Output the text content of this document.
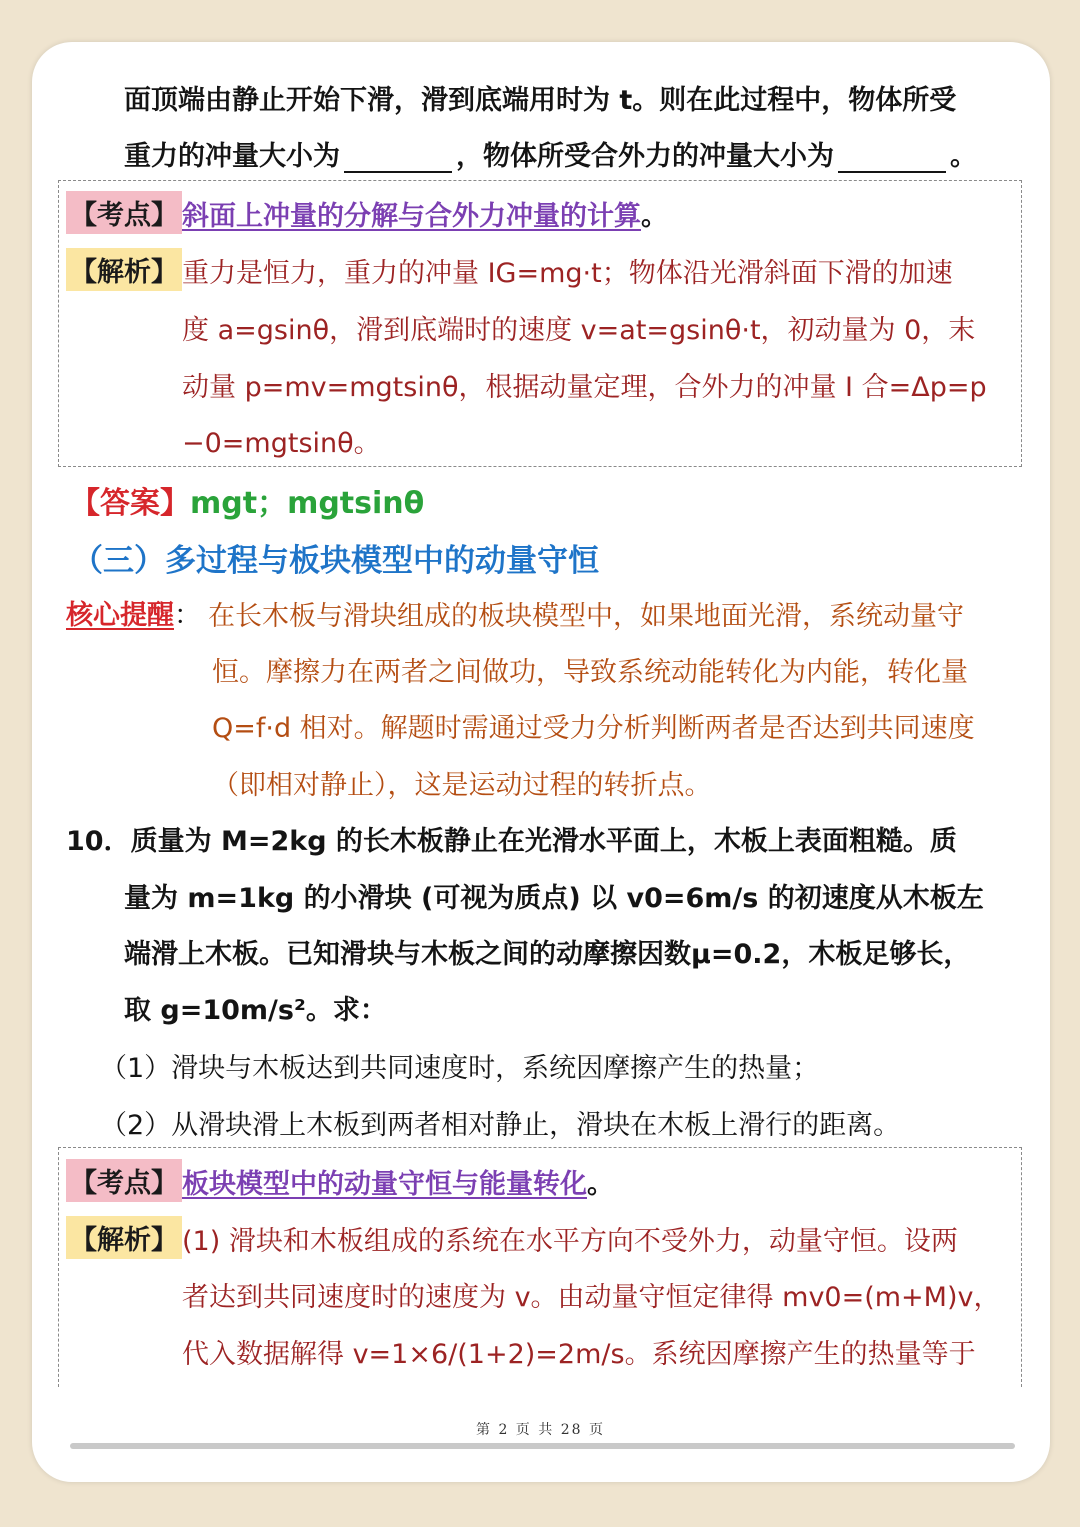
面顶端由静止开始下滑，滑到底端用时为 t。则在此过程中，物体所受
重力的冲量大小为	，物体所受合外力的冲量大小为	。
【考点】 斜面上冲量的分解与合外力冲量的计算。
【解析】 重力是恒力，重力的冲量 IG=mg·t；物体沿光滑斜面下滑的加速
度 a=gsinθ，滑到底端时的速度 v=at=gsinθ·t，初动量为 0，末
动量 p=mv=mgtsinθ，根据动量定理，合外力的冲量 I 合=Δp=p
−0=mgtsinθ。
【答案】mgt；mgtsinθ
（三）多过程与板块模型中的动量守恒
核心提醒： 在长木板与滑块组成的板块模型中，如果地面光滑，系统动量守
恒。摩擦力在两者之间做功，导致系统动能转化为内能，转化量
Q=f·d 相对。解题时需通过受力分析判断两者是否达到共同速度
（即相对静止），这是运动过程的转折点。
10．质量为 M=2kg 的长木板静止在光滑水平面上，木板上表面粗糙。质
量为 m=1kg 的小滑块 (可视为质点) 以 v0=6m/s 的初速度从木板左
端滑上木板。已知滑块与木板之间的动摩擦因数μ=0.2，木板足够长，
取 g=10m/s²。求：
（1）滑块与木板达到共同速度时，系统因摩擦产生的热量；
（2）从滑块滑上木板到两者相对静止，滑块在木板上滑行的距离。
【考点】 板块模型中的动量守恒与能量转化。
【解析】 (1) 滑块和木板组成的系统在水平方向不受外力，动量守恒。设两
者达到共同速度时的速度为 v。由动量守恒定律得 mv0=(m+M)v，
代入数据解得 v=1×6/(1+2)=2m/s。系统因摩擦产生的热量等于
第 2 页 共 28 页
